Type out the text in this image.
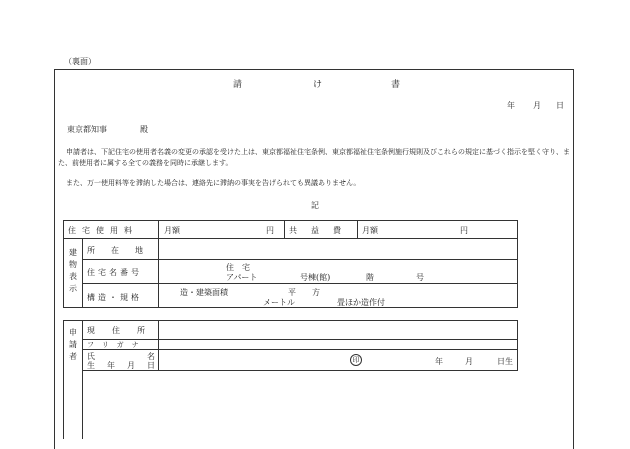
（裏面）
請	け	書
年 月 日
東京都知事	殿
申請者は、下記住宅の使用者名義の変更の承認を受けた上は、東京都福祉住宅条例、東京都福祉住宅条例施行規則及びこれらの規定に基づく指示を堅く守り、また、前使用者に属する全ての義務を同時に承継します。
また、万一使用料等を滞納した場合は、連絡先に滞納の事実を告げられても異議ありません。
記
住宅使用料	月額	円 共益費 月額	円
建
物
表
示
所在地
住宅名番号
住　宅
アパート	号棟(館)	階	号
構造・規格
造・建築面積	平　　方
メートル	畳ほか造作付
申
請
者
現住所
フリガナ
氏	名
生年月日
印	年	月	日生
